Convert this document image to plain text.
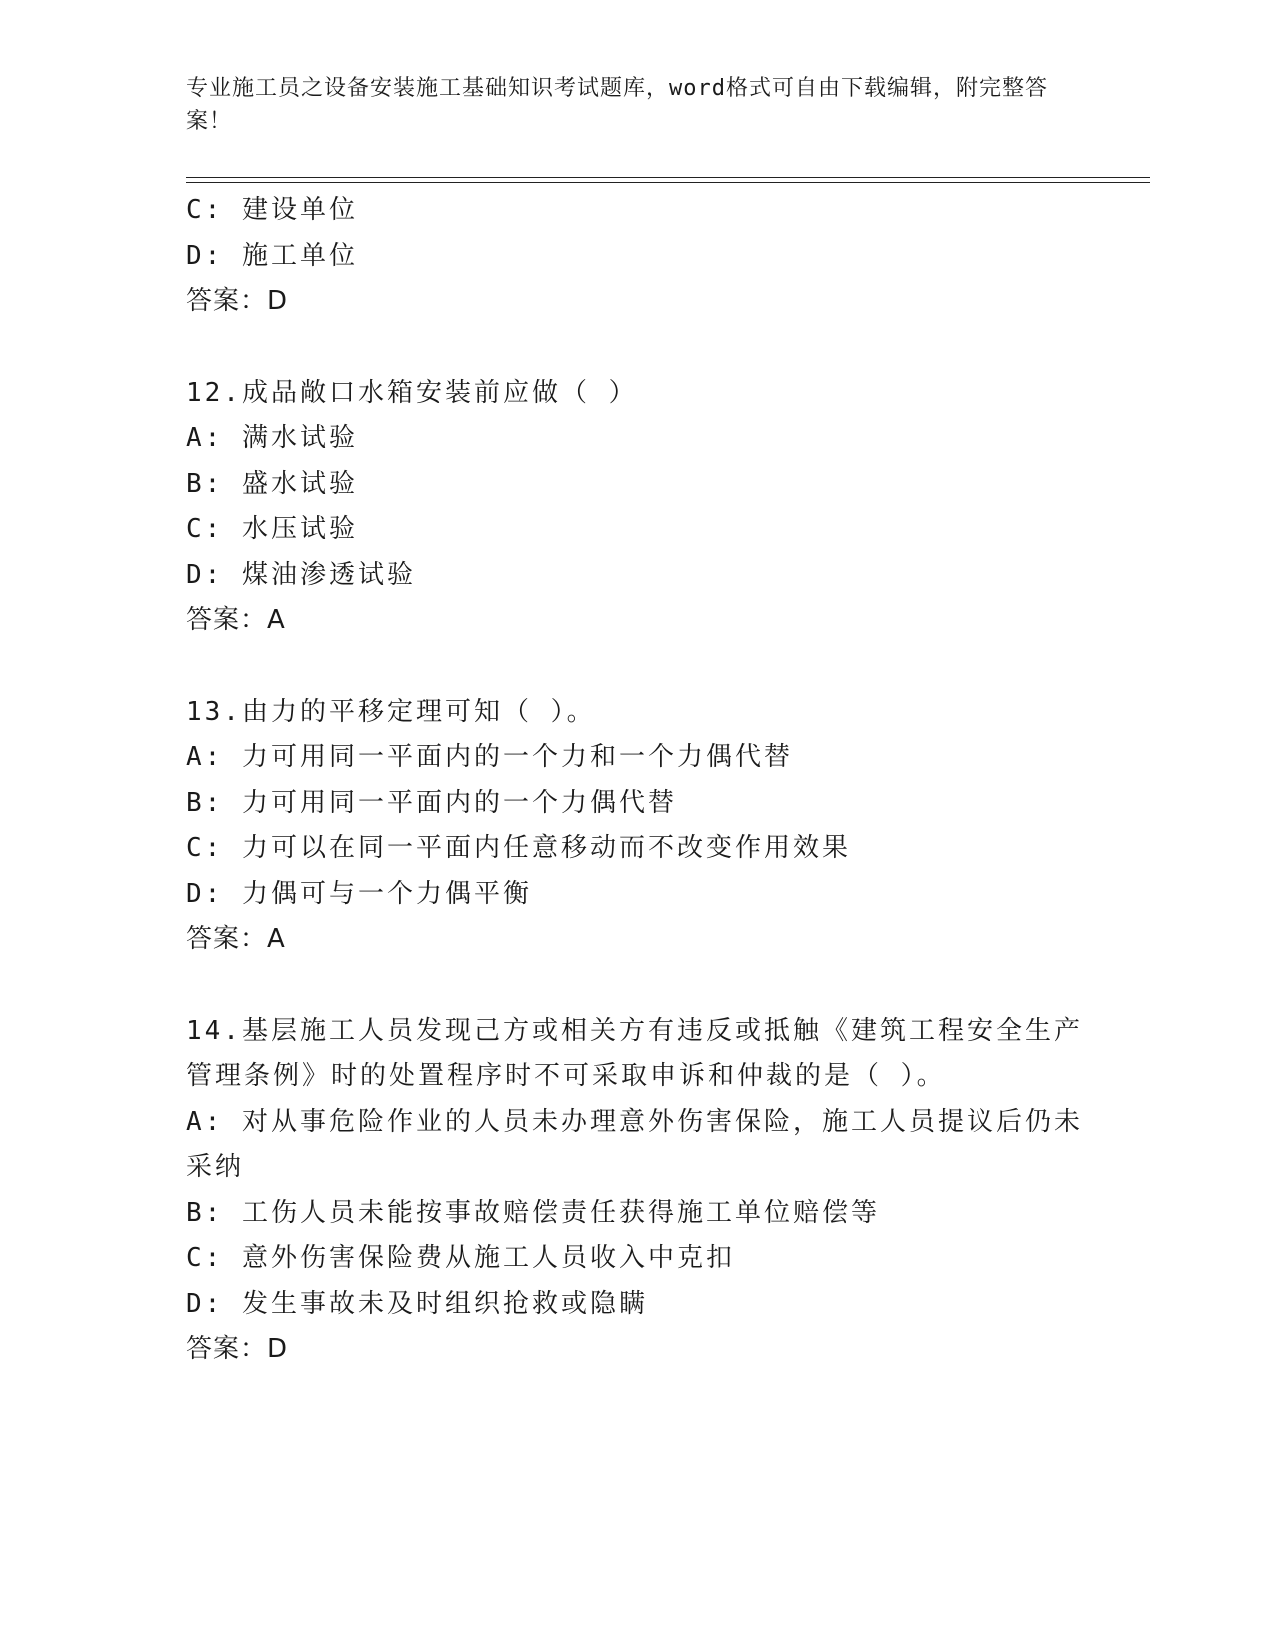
专业施工员之设备安装施工基础知识考试题库，word格式可自由下载编辑，附完整答案！
C: 建设单位
D: 施工单位
答案：D
12.成品敞口水箱安装前应做（ ）
A: 满水试验
B: 盛水试验
C: 水压试验
D: 煤油渗透试验
答案：A
13.由力的平移定理可知（ ）。
A: 力可用同一平面内的一个力和一个力偶代替
B: 力可用同一平面内的一个力偶代替
C: 力可以在同一平面内任意移动而不改变作用效果
D: 力偶可与一个力偶平衡
答案：A
14.基层施工人员发现己方或相关方有违反或抵触《建筑工程安全生产管理条例》时的处置程序时不可采取申诉和仲裁的是（ ）。
A: 对从事危险作业的人员未办理意外伤害保险，施工人员提议后仍未采纳
B: 工伤人员未能按事故赔偿责任获得施工单位赔偿等
C: 意外伤害保险费从施工人员收入中克扣
D: 发生事故未及时组织抢救或隐瞒
答案：D
